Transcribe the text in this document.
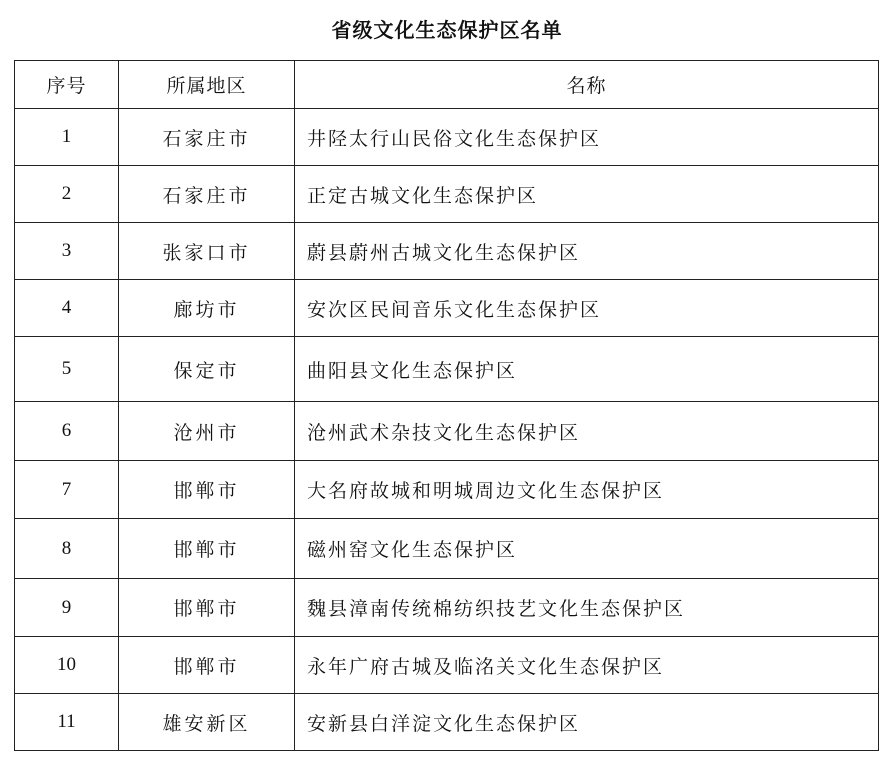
省级文化生态保护区名单
序号	所属地区	名称
1	石家庄市	井陉太行山民俗文化生态保护区
2	石家庄市	正定古城文化生态保护区
3	张家口市	蔚县蔚州古城文化生态保护区
4	廊坊市	安次区民间音乐文化生态保护区
5	保定市	曲阳县文化生态保护区
6	沧州市	沧州武术杂技文化生态保护区
7	邯郸市	大名府故城和明城周边文化生态保护区
8	邯郸市	磁州窑文化生态保护区
9	邯郸市	魏县漳南传统棉纺织技艺文化生态保护区
10	邯郸市	永年广府古城及临洺关文化生态保护区
11	雄安新区	安新县白洋淀文化生态保护区
